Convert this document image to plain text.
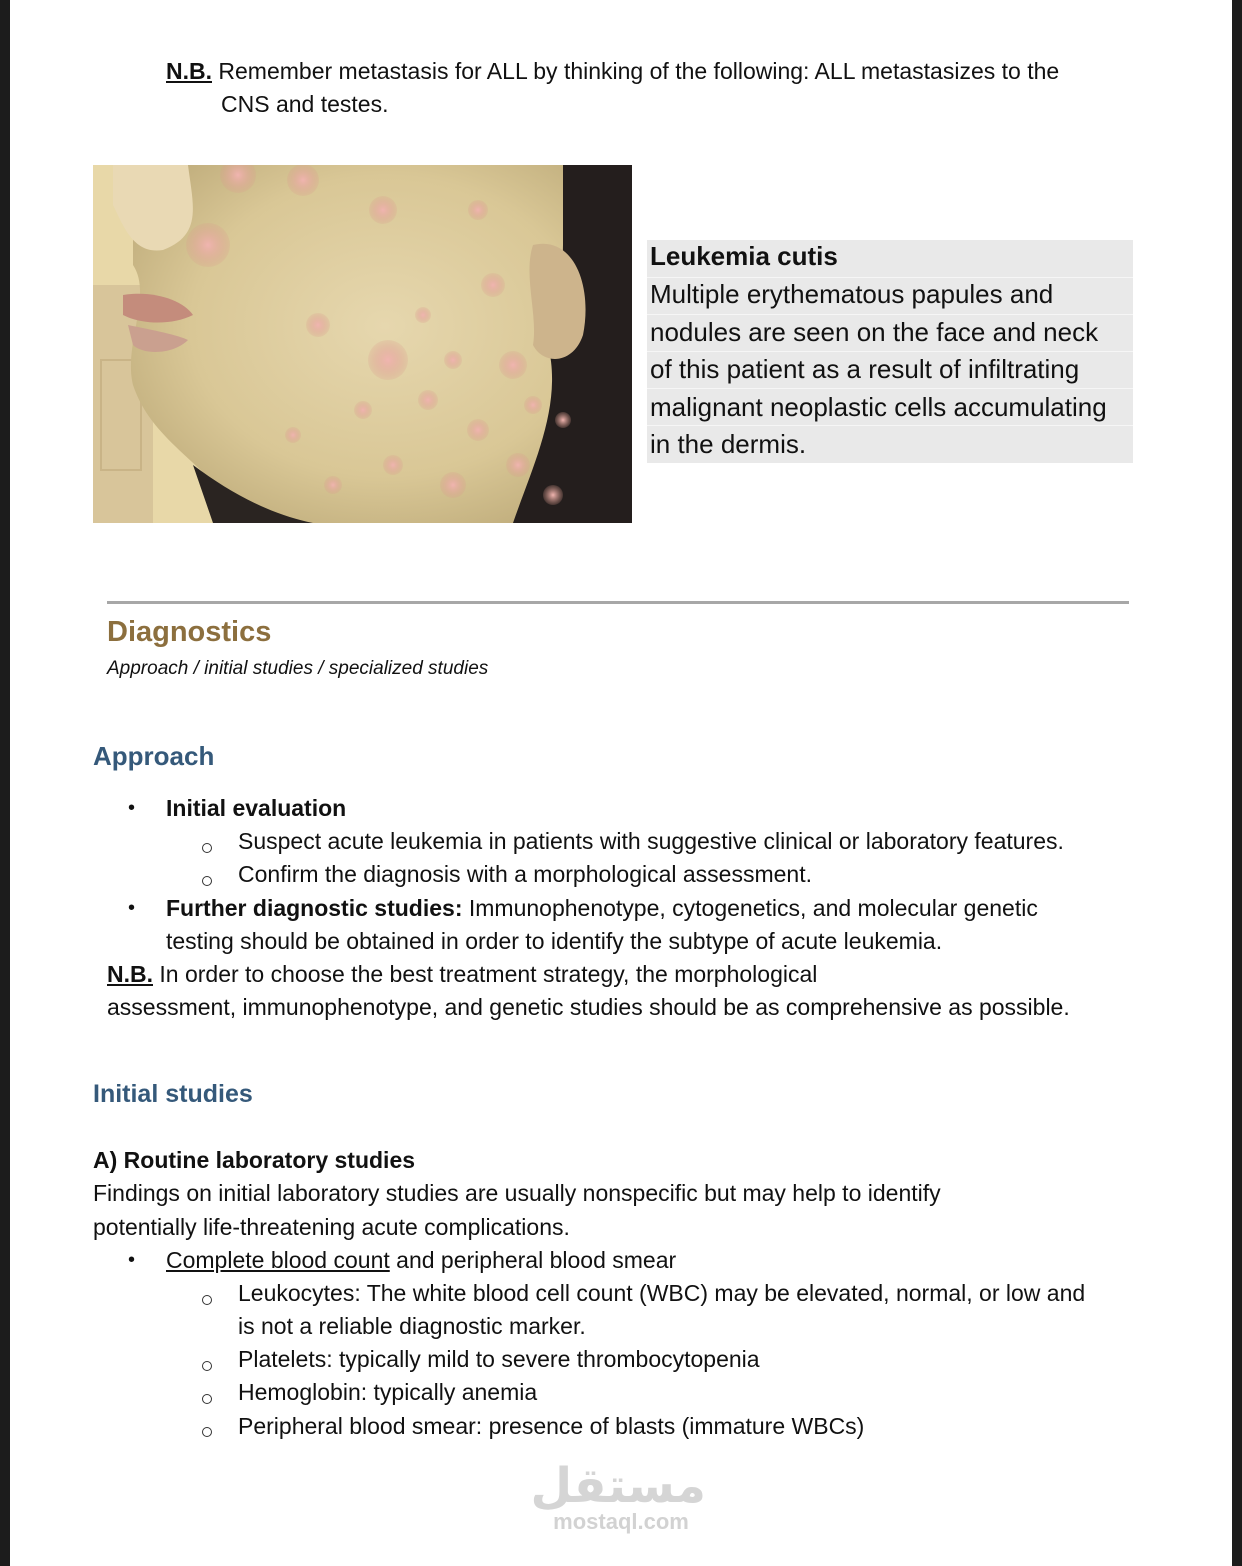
N.B. Remember metastasis for ALL by thinking of the following: ALL metastasizes to the
CNS and testes.
Leukemia cutis
Multiple erythematous papules and
nodules are seen on the face and neck
of this patient as a result of infiltrating
malignant neoplastic cells accumulating
in the dermis.
Diagnostics
Approach / initial studies / specialized studies
Approach
• Initial evaluation
Suspect acute leukemia in patients with suggestive clinical or laboratory features.
Confirm the diagnosis with a morphological assessment.
• Further diagnostic studies: Immunophenotype, cytogenetics, and molecular genetic
testing should be obtained in order to identify the subtype of acute leukemia.
N.B. In order to choose the best treatment strategy, the morphological
assessment, immunophenotype, and genetic studies should be as comprehensive as possible.
Initial studies
A) Routine laboratory studies
Findings on initial laboratory studies are usually nonspecific but may help to identify
potentially life-threatening acute complications.
• Complete blood count and peripheral blood smear
Leukocytes: The white blood cell count (WBC) may be elevated, normal, or low and
is not a reliable diagnostic marker.
Platelets: typically mild to severe thrombocytopenia
Hemoglobin: typically anemia
Peripheral blood smear: presence of blasts (immature WBCs)
مستقل
mostaql.com
